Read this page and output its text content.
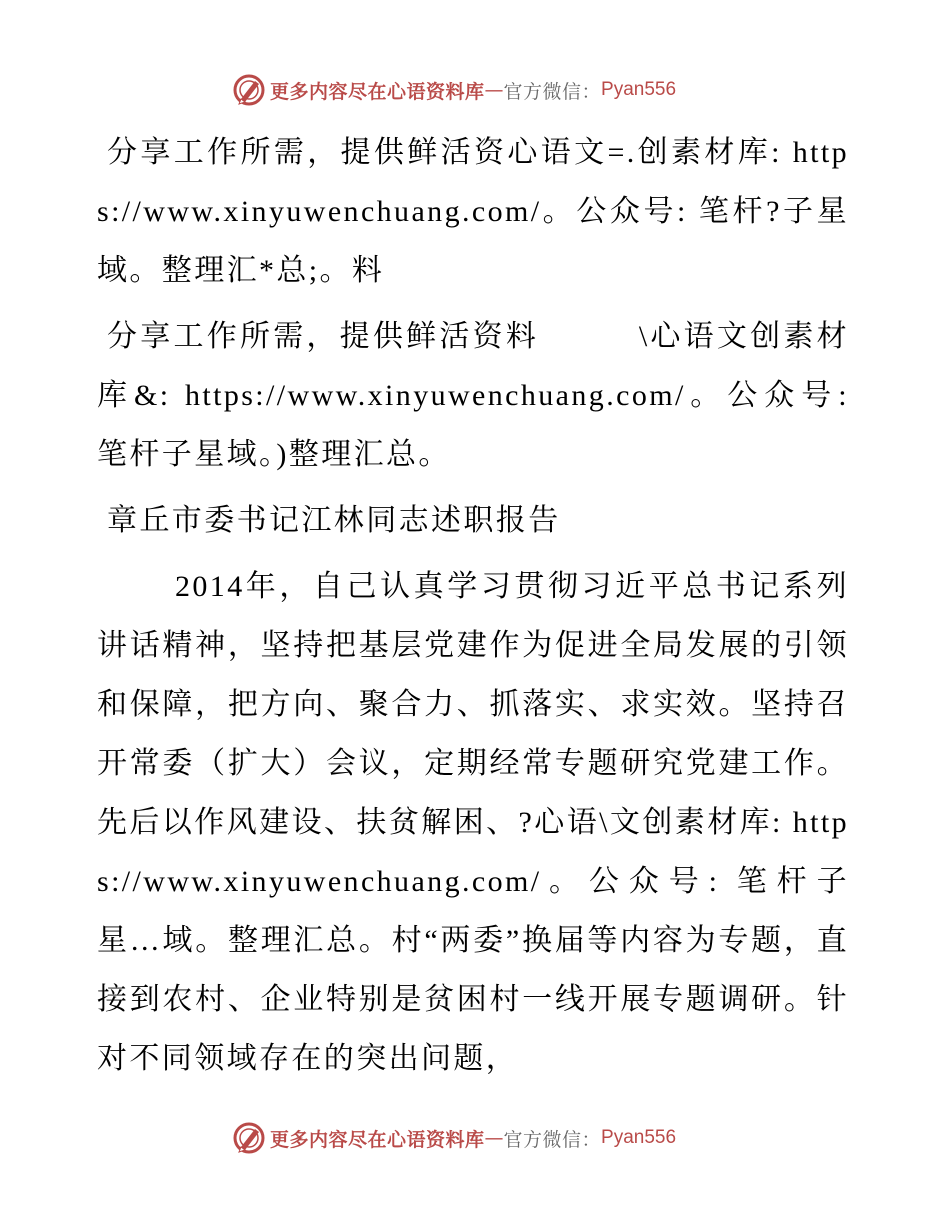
更多内容尽在心语资料库 — 官方微信： Pyan556

分享工作所需，提供鲜活资心语文=.创素材库: https://www.xinyuwenchuang.com/。公众号: 笔杆?子星域。整理汇*总;。料

分享工作所需，提供鲜活资料　　　\心语文创素材库&: https://www.xinyuwenchuang.com/。公众号: 笔杆子星域。)整理汇总。

章丘市委书记江林同志述职报告

2014年，自己认真学习贯彻习近平总书记系列讲话精神，坚持把基层党建作为促进全局发展的引领和保障，把方向、聚合力、抓落实、求实效。坚持召开常委（扩大）会议，定期经常专题研究党建工作。先后以作风建设、扶贫解困、?心语\文创素材库: https://www.xinyuwenchuang.com/。公众号: 笔杆子星…域。整理汇总。村“两委”换届等内容为专题，直接到农村、企业特别是贫困村一线开展专题调研。针对不同领域存在的突出问题，

更多内容尽在心语资料库 — 官方微信： Pyan556
